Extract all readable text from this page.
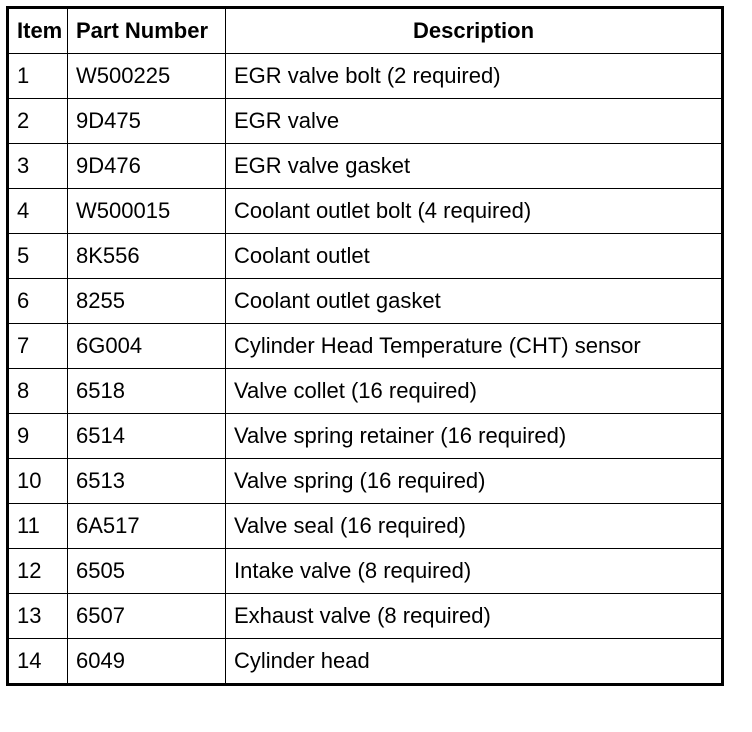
Item	Part Number	Description
1	W500225	EGR valve bolt (2 required)
2	9D475	EGR valve
3	9D476	EGR valve gasket
4	W500015	Coolant outlet bolt (4 required)
5	8K556	Coolant outlet
6	8255	Coolant outlet gasket
7	6G004	Cylinder Head Temperature (CHT) sensor
8	6518	Valve collet (16 required)
9	6514	Valve spring retainer (16 required)
10	6513	Valve spring (16 required)
11	6A517	Valve seal (16 required)
12	6505	Intake valve (8 required)
13	6507	Exhaust valve (8 required)
14	6049	Cylinder head
